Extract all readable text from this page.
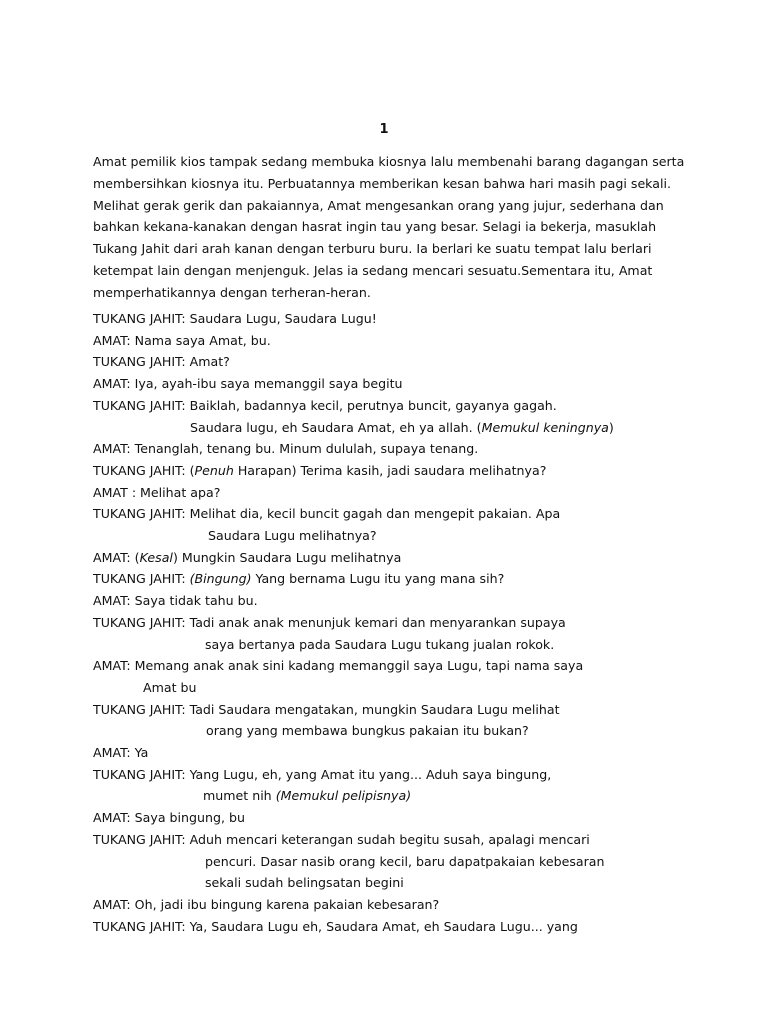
1

Amat pemilik kios tampak sedang membuka kiosnya lalu membenahi barang dagangan serta membersihkan kiosnya itu. Perbuatannya memberikan kesan bahwa hari masih pagi sekali. Melihat gerak gerik dan pakaiannya, Amat mengesankan orang yang jujur, sederhana dan bahkan kekana-kanakan dengan hasrat ingin tau yang besar. Selagi ia bekerja, masuklah Tukang Jahit dari arah kanan dengan terburu buru. Ia berlari ke suatu tempat lalu berlari ketempat lain dengan menjenguk. Jelas ia sedang mencari sesuatu.Sementara itu, Amat memperhatikannya dengan terheran-heran.

TUKANG JAHIT: Saudara Lugu, Saudara Lugu!

AMAT: Nama saya Amat, bu.

TUKANG JAHIT: Amat?

AMAT: Iya, ayah-ibu saya memanggil saya begitu

TUKANG JAHIT: Baiklah, badannya kecil, perutnya buncit, gayanya gagah.

Saudara lugu, eh Saudara Amat, eh ya allah. (Memukul keningnya)

AMAT: Tenanglah, tenang bu. Minum dululah, supaya tenang.

TUKANG JAHIT: (Penuh Harapan) Terima kasih, jadi saudara melihatnya?

AMAT : Melihat apa?

TUKANG JAHIT: Melihat dia, kecil buncit gagah dan mengepit pakaian. Apa

Saudara Lugu melihatnya?

AMAT: (Kesal) Mungkin Saudara Lugu melihatnya

TUKANG JAHIT: (Bingung) Yang bernama Lugu itu yang mana sih?

AMAT: Saya tidak tahu bu.

TUKANG JAHIT: Tadi anak anak menunjuk kemari dan menyarankan supaya

saya bertanya pada Saudara Lugu tukang jualan rokok.

AMAT: Memang anak anak sini kadang memanggil saya Lugu, tapi nama saya

Amat bu

TUKANG JAHIT: Tadi Saudara mengatakan, mungkin Saudara Lugu melihat

orang yang membawa bungkus pakaian itu bukan?

AMAT: Ya

TUKANG JAHIT: Yang Lugu, eh, yang Amat itu yang... Aduh saya bingung,

mumet nih (Memukul pelipisnya)

AMAT: Saya bingung, bu

TUKANG JAHIT: Aduh mencari keterangan sudah begitu susah, apalagi mencari

pencuri. Dasar nasib orang kecil, baru dapatpakaian kebesaran

sekali sudah belingsatan begini

AMAT: Oh, jadi ibu bingung karena pakaian kebesaran?

TUKANG JAHIT: Ya, Saudara Lugu eh, Saudara Amat, eh Saudara Lugu... yang
